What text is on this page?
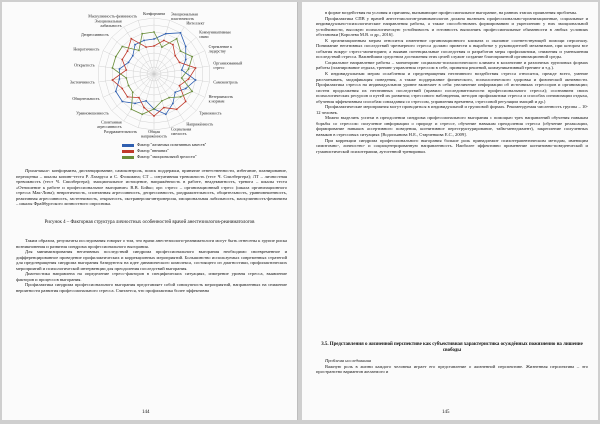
Конформизм Эмоциональная пластичность
Интеллект
Коммуникативные связи
Стремление к лидерству
Организованный стресс
Самоконтроль
Нетерпимость к нормам
Тревожность
Напряжённость
Социальная смелость
Общая напряжённость
Раздражительность
Спонтанная агрессивность
Уравновешенность
Общительность
Застенчивость
Открытость
Невротичность
Депрессивность
Эмоциональная лабильность
Маскулинность-феминность
Фактор "желаемых позитивных качеств"
Фактор "внешних"
Фактор "эмоциональной зрелости"
Примечание: конформизм, дистанцирование, самоконтроль, поиск поддержки, принятие ответственности, избегание, планирование, переоценка – шкалы копинг-теста Р. Лазаруса и С. Фолкмана; СТ – ситуативная тревожность (тест Ч. Спилбергера); ЛТ – личностная тревожность (тест Ч. Спилбергера); эмоциональное истощение, напряжённость в работе, неадекватность, тревога – шкалы теста «Отношение к работе и профессиональное выгорание» В.В. Бойко; орг. стресс – организационный стресс (шкала организационного стресса Мак-Лина); невротичность, спонтанная агрессивность, депрессивность, раздражительность, общительность, уравновешенность, реактивная агрессивность, застенчивость, открытость, экстраверсия-интроверсия, эмоциональная лабильность, маскулинность-феминизм – шкалы Фрайбургского личностного опросника.
Рисунок 4 – Факторная структура личностных особенностей врачей анестезиологов-реаниматологов

Таким образом, результаты исследования говорят о том, что врачи анестезиологи-реаниматологи могут быть отнесены к группе риска возникновения и развития синдрома профессионального выгорания.

Для минимизирования негативных последствий синдрома профессионального выгорания необходимо своевременное и дифференцированное проведение профилактических и коррекционных мероприятий. Большинство используемых современных стратегий для предотвращения синдрома выгорания базируются на идее динамического комплекса, состоящего из диагностики, профилактических мероприятий и психологической интервенции для преодоления последствий выгорания.

Диагностика направлена на определение стресс-факторов в специфических ситуациях, измерение уровня стресса, выявление факторов и процессов выгорания.

Профилактика синдрома профессионального выгорания представляет собой совокупность мероприятий, направленных на снижение вероятности развития профессионального стресса. Считается, что профилактика более эффективна

144

в форме воздействия на условия и причины, вызывающие профессиональное выгорание, на ранних этапах проявления проблемы.

Профилактика СПВ у врачей анестезиологов-реаниматологов должна включать профессионально-организационные, социальные и индивидуально-психологические направления работы, а также способствовать формированию и укреплению у них эмоциональной устойчивости, высокую психологическую устойчивость и готовность выполнять профессиональные обязанности в любых условиях обстановки [Королева М.В. и др., 2016].

К организационным мерам относится изменение организационного климата и оказание соответствующей помощи персоналу. Понимание негативных последствий чрезмерного стресса должно привести к выработке у руководителей механизмов, при котором все события вокруг стресс-мониторинг, а выявив потенциальные последствия и разработав меры профилактики, снижения и уменьшения последствий стресса. Важнейшим средством достижения этих целей служит создание благоприятной организационной среды.

Социальное направление работы – мониторинг социально-психологического климата в коллективе и различных групповых формах работы (планирование отдыха, тренинг управления стрессом в себе, принятия решений, коммуникативный тренинг и т.д.).

К индивидуальным мерам ослабления и предотвращения негативного воздействия стресса относятся, прежде всего, умение рассчитывать, модификация поведения, а также поддержание физического, психологического здоровья и физической активности. Профилактика стресса на индивидуальном уровне включает в себя: увеличение информации об источниках стрессоров и организации; систем продолжения их негативных последствий (правило последовательности профессионального стресса); осознанием своих психологических ресурсов и путей их развития; стрессового наблюдения, методов профилактики стресса и способах оптимизации отдыха, обучения эффективным способам совладания со стрессом, управления временем, стрессовой регуляции эмоций и др.)

Профилактические мероприятия могут проводиться в индивидуальной и групповой формах. Рекомендуемая численность группы – 10-12 человек.

Можно выделить успехи в преодолении синдрома профессионального выгорания с помощью трех направлений обучения навыкам борьбы со стрессом: получение информации о природе и стрессе, обучение навыкам преодоления стресса (обучение релаксации, формирование навыков ассертивного поведения, когнитивное переструктурирование, тайм-менеджмент), закрепление полученных навыков в стрессовых ситуациях [Водопьянова Н.Е., Старченкова Е.С., 2009].

При коррекции синдрома профессионального выгорания больше роль принадлежит психотерапевтическим методам, имеющим симптомно-, личностно- и социоцентрированную направленность. Наиболее эффективно применение когнитивно-поведенческой и гуманистической психотерапии, аутогенной тренировки.

3.5. Представления о жизненной перспективе как субъективная характеристика осуждённых пожизненно на лишение свободы

Проблема исследования

Важную роль в жизни каждого человека играет его представление о жизненной перспективе. Жизненная перспектива – это пространство вариантов желаемого и

145
